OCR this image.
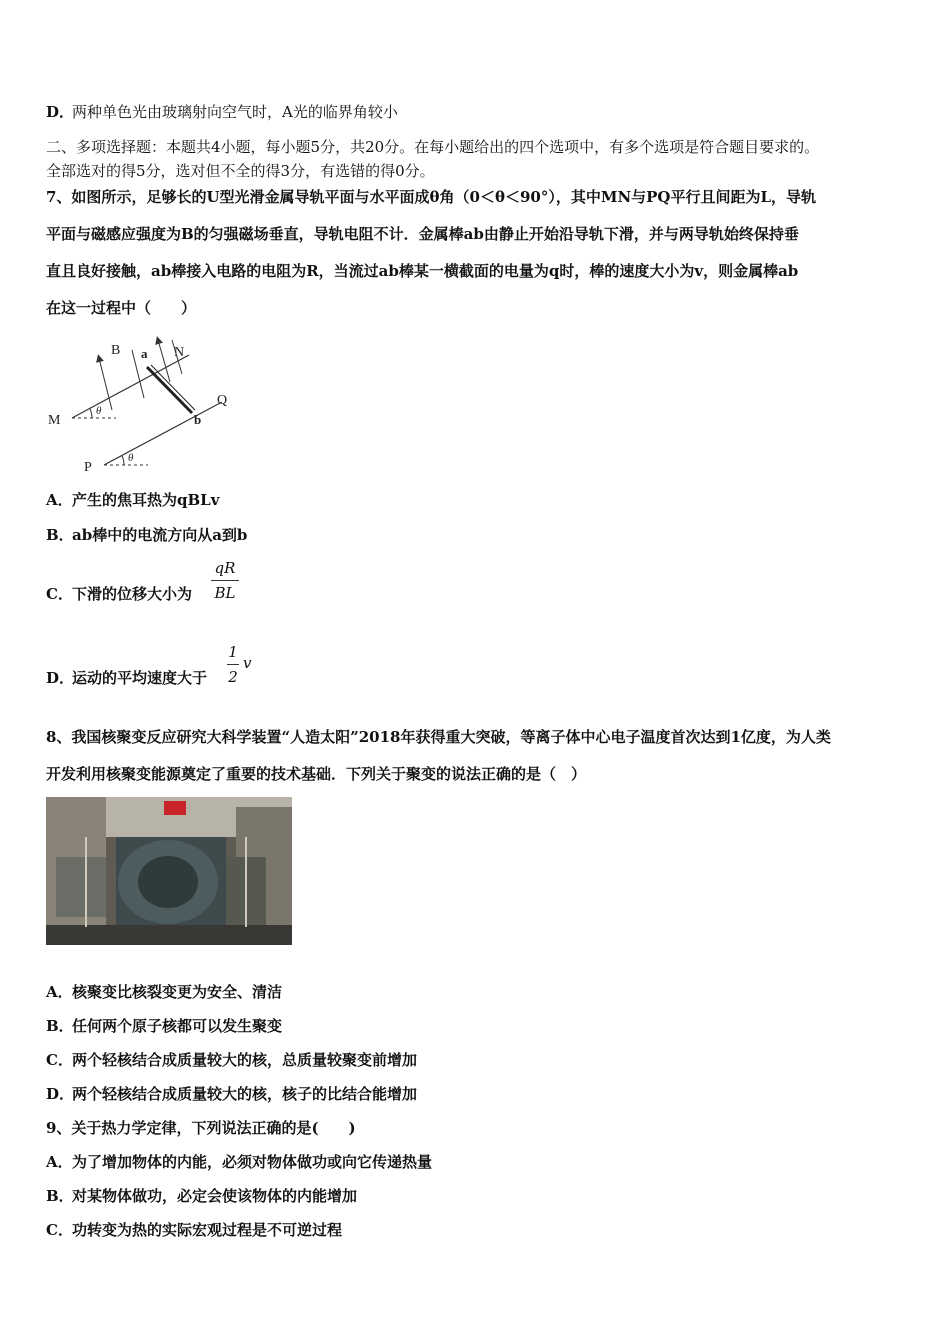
D．两种单色光由玻璃射向空气时，A光的临界角较小
二、多项选择题：本题共4小题，每小题5分，共20分。在每小题给出的四个选项中，有多个选项是符合题目要求的。
全部选对的得5分，选对但不全的得3分，有选错的得0分。
7、如图所示，足够长的U型光滑金属导轨平面与水平面成θ角（0＜θ＜90°），其中MN与PQ平行且间距为L，导轨
平面与磁感应强度为B的匀强磁场垂直，导轨电阻不计．金属棒ab由静止开始沿导轨下滑，并与两导轨始终保持垂
直且良好接触，ab棒接入电路的电阻为R，当流过ab棒某一横截面的电量为q时，棒的速度大小为v，则金属棒ab
在这一过程中（　　）
B a N
M
Q
b
P
θ
θ
A．产生的焦耳热为qBLv
B．ab棒中的电流方向从a到b
C．下滑的位移大小为
qR
BL
D．运动的平均速度大于
1
2
v
8、我国核聚变反应研究大科学装置“人造太阳”2018年获得重大突破，等离子体中心电子温度首次达到1亿度，为人类
开发利用核聚变能源奠定了重要的技术基础．下列关于聚变的说法正确的是（　）
A．核聚变比核裂变更为安全、清洁
B．任何两个原子核都可以发生聚变
C．两个轻核结合成质量较大的核，总质量较聚变前增加
D．两个轻核结合成质量较大的核，核子的比结合能增加
9、关于热力学定律，下列说法正确的是(　　)
A．为了增加物体的内能，必须对物体做功或向它传递热量
B．对某物体做功，必定会使该物体的内能增加
C．功转变为热的实际宏观过程是不可逆过程
